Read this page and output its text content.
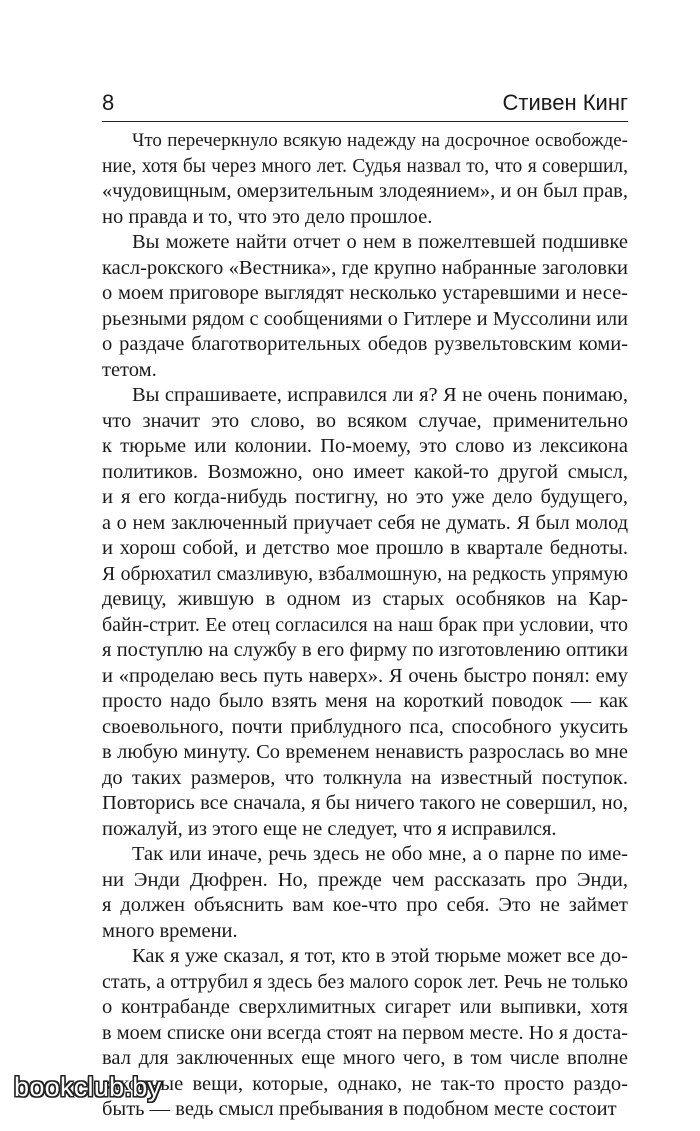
8	Стивен Кинг
Что перечеркнуло всякую надежду на досрочное освобожде-
ние, хотя бы через много лет. Судья назвал то, что я совершил,
«чудовищным, омерзительным злодеянием», и он был прав,
но правда и то, что это дело прошлое.
Вы можете найти отчет о нем в пожелтевшей подшивке
касл-рокского «Вестника», где крупно набранные заголовки
о моем приговоре выглядят несколько устаревшими и несе-
рьезными рядом с сообщениями о Гитлере и Муссолини или
о раздаче благотворительных обедов рузвельтовским коми-
тетом.
Вы спрашиваете, исправился ли я? Я не очень понимаю,
что значит это слово, во всяком случае, применительно
к тюрьме или колонии. По-моему, это слово из лексикона
политиков. Возможно, оно имеет какой-то другой смысл,
и я его когда-нибудь постигну, но это уже дело будущего,
а о нем заключенный приучает себя не думать. Я был молод
и хорош собой, и детство мое прошло в квартале бедноты.
Я обрюхатил смазливую, взбалмошную, на редкость упрямую
девицу, жившую в одном из старых особняков на Кар-
байн-стрит. Ее отец согласился на наш брак при условии, что
я поступлю на службу в его фирму по изготовлению оптики
и «проделаю весь путь наверх». Я очень быстро понял: ему
просто надо было взять меня на короткий поводок — как
своевольного, почти приблудного пса, способного укусить
в любую минуту. Со временем ненависть разрослась во мне
до таких размеров, что толкнула на известный поступок.
Повторись все сначала, я бы ничего такого не совершил, но,
пожалуй, из этого еще не следует, что я исправился.
Так или иначе, речь здесь не обо мне, а о парне по име-
ни Энди Дюфрен. Но, прежде чем рассказать про Энди,
я должен объяснить вам кое-что про себя. Это не займет
много времени.
Как я уже сказал, я тот, кто в этой тюрьме может все до-
стать, а оттрубил я здесь без малого сорок лет. Речь не только
о контрабанде сверхлимитных сигарет или выпивки, хотя
в моем списке они всегда стоят на первом месте. Но я доста-
вал для заключенных еще много чего, в том числе вполне
законные вещи, которые, однако, не так-то просто раздо-
быть — ведь смысл пребывания в подобном месте состоит
bookclub.by
